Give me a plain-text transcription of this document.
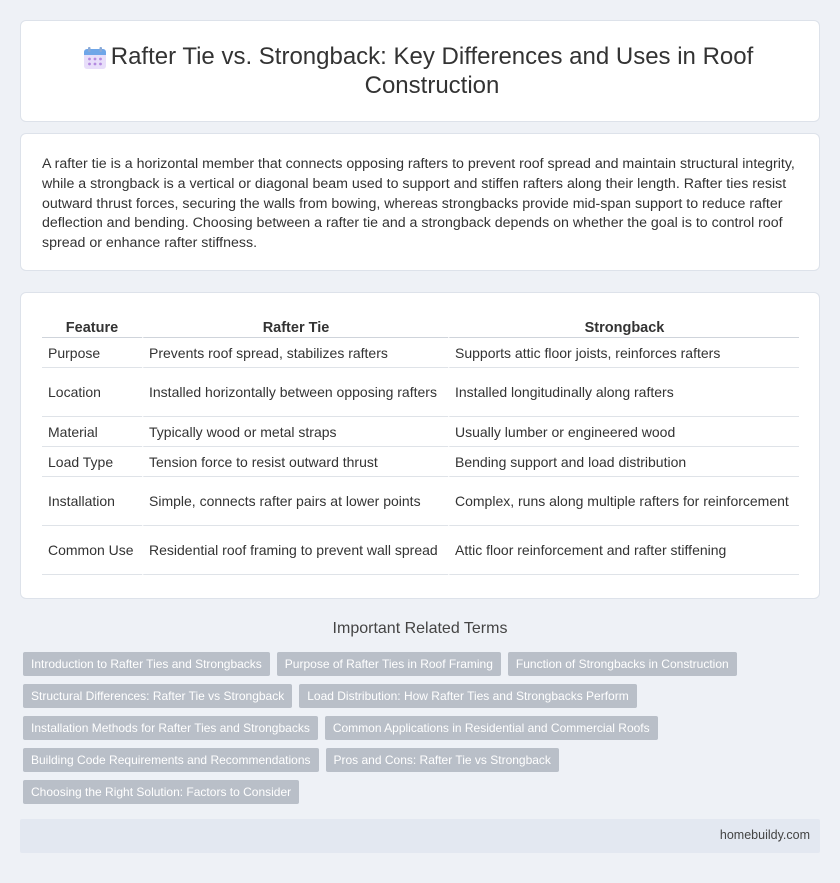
Rafter Tie vs. Strongback: Key Differences and Uses in Roof Construction

A rafter tie is a horizontal member that connects opposing rafters to prevent roof spread and maintain structural integrity, while a strongback is a vertical or diagonal beam used to support and stiffen rafters along their length. Rafter ties resist outward thrust forces, securing the walls from bowing, whereas strongbacks provide mid-span support to reduce rafter deflection and bending. Choosing between a rafter tie and a strongback depends on whether the goal is to control roof spread or enhance rafter stiffness.

Feature	Rafter Tie	Strongback
Purpose	Prevents roof spread, stabilizes rafters	Supports attic floor joists, reinforces rafters
Location	Installed horizontally between opposing rafters	Installed longitudinally along rafters
Material	Typically wood or metal straps	Usually lumber or engineered wood
Load Type	Tension force to resist outward thrust	Bending support and load distribution
Installation	Simple, connects rafter pairs at lower points	Complex, runs along multiple rafters for reinforcement
Common Use	Residential roof framing to prevent wall spread	Attic floor reinforcement and rafter stiffening
Important Related Terms
Introduction to Rafter Ties and Strongbacks	Purpose of Rafter Ties in Roof Framing	Function of Strongbacks in Construction
Structural Differences: Rafter Tie vs Strongback	Load Distribution: How Rafter Ties and Strongbacks Perform
Installation Methods for Rafter Ties and Strongbacks	Common Applications in Residential and Commercial Roofs
Building Code Requirements and Recommendations	Pros and Cons: Rafter Tie vs Strongback
Choosing the Right Solution: Factors to Consider
homebuildy.com
